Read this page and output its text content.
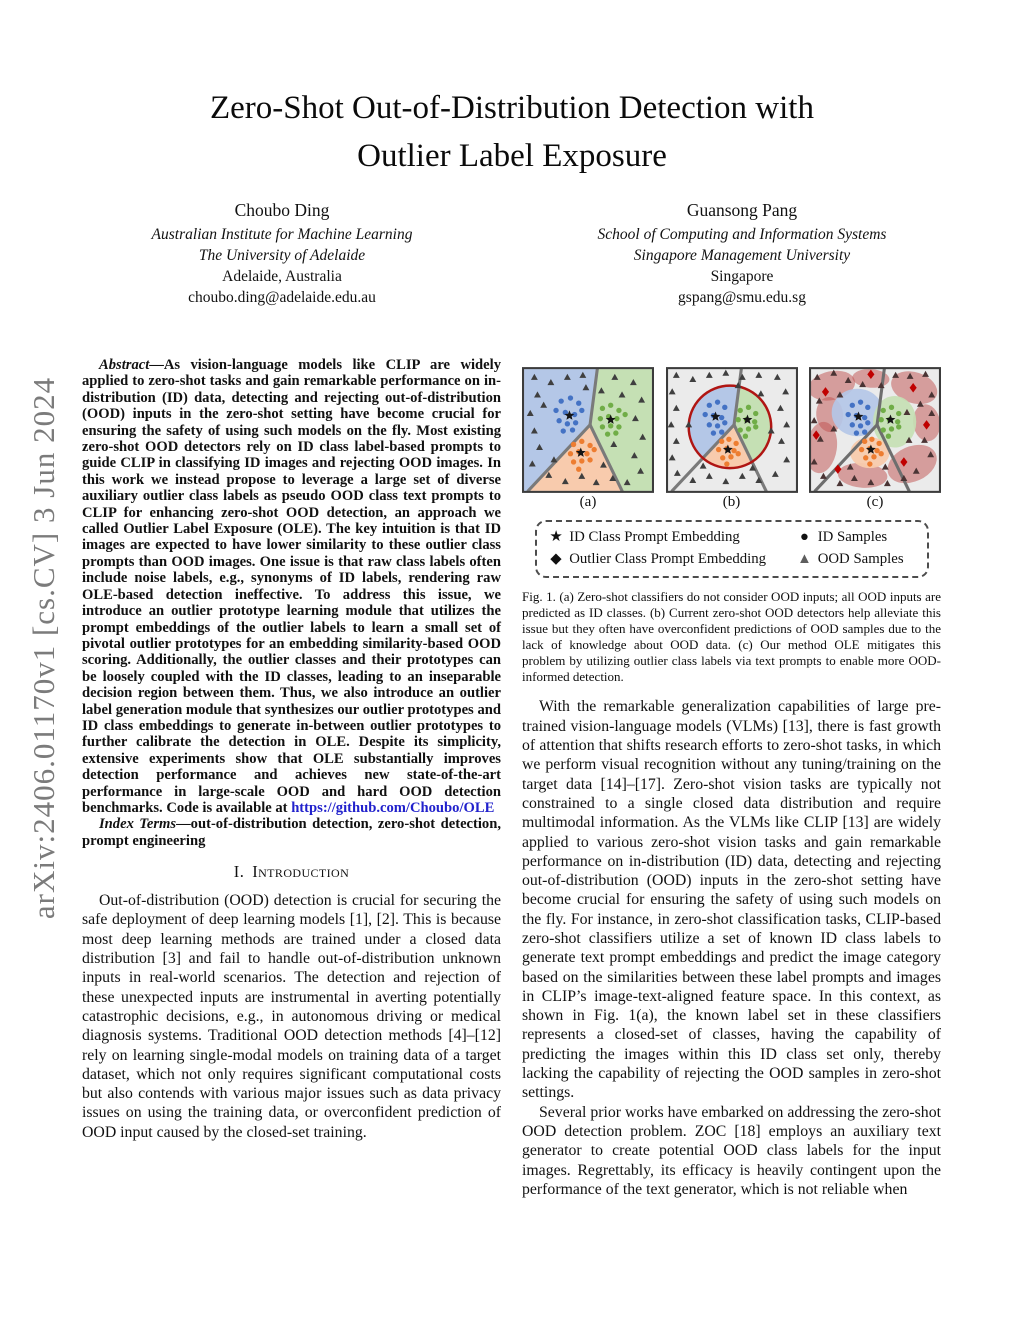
arXiv:2406.01170v1 [cs.CV] 3 Jun 2024
Zero-Shot Out-of-Distribution Detection with
Outlier Label Exposure
Choubo Ding
Australian Institute for Machine Learning
The University of Adelaide
Adelaide, Australia
choubo.ding@adelaide.edu.au
Guansong Pang
School of Computing and Information Systems
Singapore Management University
Singapore
gspang@smu.edu.sg

Abstract—As vision-language models like CLIP are widely applied to zero-shot tasks and gain remarkable performance on in-distribution (ID) data, detecting and rejecting out-of-distribution (OOD) inputs in the zero-shot setting have become crucial for ensuring the safety of using such models on the fly. Most existing zero-shot OOD detectors rely on ID class label-based prompts to guide CLIP in classifying ID images and rejecting OOD images. In this work we instead propose to leverage a large set of diverse auxiliary outlier class labels as pseudo OOD class text prompts to CLIP for enhancing zero-shot OOD detection, an approach we called Outlier Label Exposure (OLE). The key intuition is that ID images are expected to have lower similarity to these outlier class prompts than OOD images. One issue is that raw class labels often include noise labels, e.g., synonyms of ID labels, rendering raw OLE-based detection ineffective. To address this issue, we introduce an outlier prototype learning module that utilizes the prompt embeddings of the outlier labels to learn a small set of pivotal outlier prototypes for an embedding similarity-based OOD scoring. Additionally, the outlier classes and their prototypes can be loosely coupled with the ID classes, leading to an inseparable decision region between them. Thus, we also introduce an outlier label generation module that synthesizes our outlier prototypes and ID class embeddings to generate in-between outlier prototypes to further calibrate the detection in OLE. Despite its simplicity, extensive experiments show that OLE substantially improves detection performance and achieves new state-of-the-art performance in large-scale OOD and hard OOD detection benchmarks. Code is available at https://github.com/Choubo/OLE

Index Terms—out-of-distribution detection, zero-shot detection, prompt engineering

I. Introduction

Out-of-distribution (OOD) detection is crucial for securing the safe deployment of deep learning models [1], [2]. This is because most deep learning methods are trained under a closed data distribution [3] and fail to handle out-of-distribution unknown inputs in real-world scenarios. The detection and rejection of these unexpected inputs are instrumental in averting potentially catastrophic decisions, e.g., in autonomous driving or medical diagnosis systems. Traditional OOD detection methods [4]–[12] rely on learning single-modal models on training data of a target dataset, which not only requires significant computational costs but also contends with various major issues such as data privacy issues on using the training data, or overconfident prediction of OOD input caused by the closed-set training.

(a)	(b)	(c)
★ ID Class Prompt Embedding	● ID Samples
◆ Outlier Class Prompt Embedding	▲ OOD Samples
Fig. 1. (a) Zero-shot classifiers do not consider OOD inputs; all OOD inputs are predicted as ID classes. (b) Current zero-shot OOD detectors help alleviate this issue but they often have overconfident predictions of OOD samples due to the lack of knowledge about OOD data. (c) Our method OLE mitigates this problem by utilizing outlier class labels via text prompts to enable more OOD-informed detection.

With the remarkable generalization capabilities of large pre-trained vision-language models (VLMs) [13], there is fast growth of attention that shifts research efforts to zero-shot tasks, in which we perform visual recognition without any tuning/training on the target data [14]–[17]. Zero-shot vision tasks are typically not constrained to a single closed data distribution and require multimodal information. As the VLMs like CLIP [13] are widely applied to various zero-shot vision tasks and gain remarkable performance on in-distribution (ID) data, detecting and rejecting out-of-distribution (OOD) inputs in the zero-shot setting have become crucial for ensuring the safety of using such models on the fly. For instance, in zero-shot classification tasks, CLIP-based zero-shot classifiers utilize a set of known ID class labels to generate text prompt embeddings and predict the image category based on the similarities between these label prompts and images in CLIP’s image-text-aligned feature space. In this context, as shown in Fig. 1(a), the known label set in these classifiers represents a closed-set of classes, having the capability of predicting the images within this ID class set only, thereby lacking the capability of rejecting the OOD samples in zero-shot settings.

Several prior works have embarked on addressing the zero-shot OOD detection problem. ZOC [18] employs an auxiliary text generator to create potential OOD class labels for the input images. Regrettably, its efficacy is heavily contingent upon the performance of the text generator, which is not reliable when
